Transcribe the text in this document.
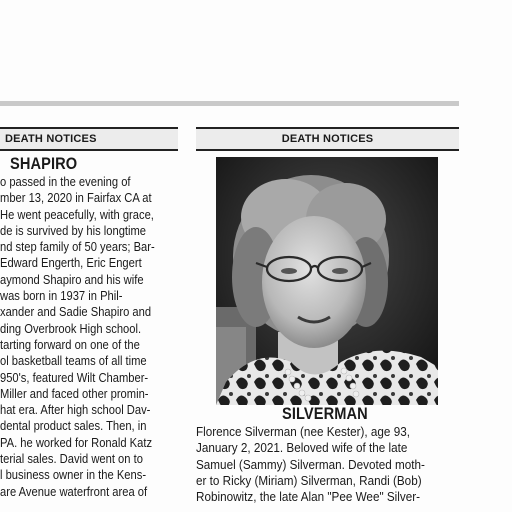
DEATH NOTICES	DEATH NOTICES
SHAPIRO
o passed in the evening of
mber 13, 2020 in Fairfax CA at
He went peacefully, with grace,
de is survived by his longtime
nd step family of 50 years; Bar-
Edward Engerth, Eric Engert
aymond Shapiro and his wife
was born in 1937 in Phil-
xander and Sadie Shapiro and
ding Overbrook High school.
tarting forward on one of the
ol basketball teams of all time
950's, featured Wilt Chamber-
Miller and faced other promin-
hat era. After high school Dav-
dental product sales. Then, in
PA. he worked for Ronald Katz
terial sales. David went on to
l business owner in the Kens-
are Avenue waterfront area of
SILVERMAN
Florence Silverman (nee Kester), age 93,
January 2, 2021. Beloved wife of the late
Samuel (Sammy) Silverman. Devoted moth-
er to Ricky (Miriam) Silverman, Randi (Bob)
Robinowitz, the late Alan "Pee Wee" Silver-
